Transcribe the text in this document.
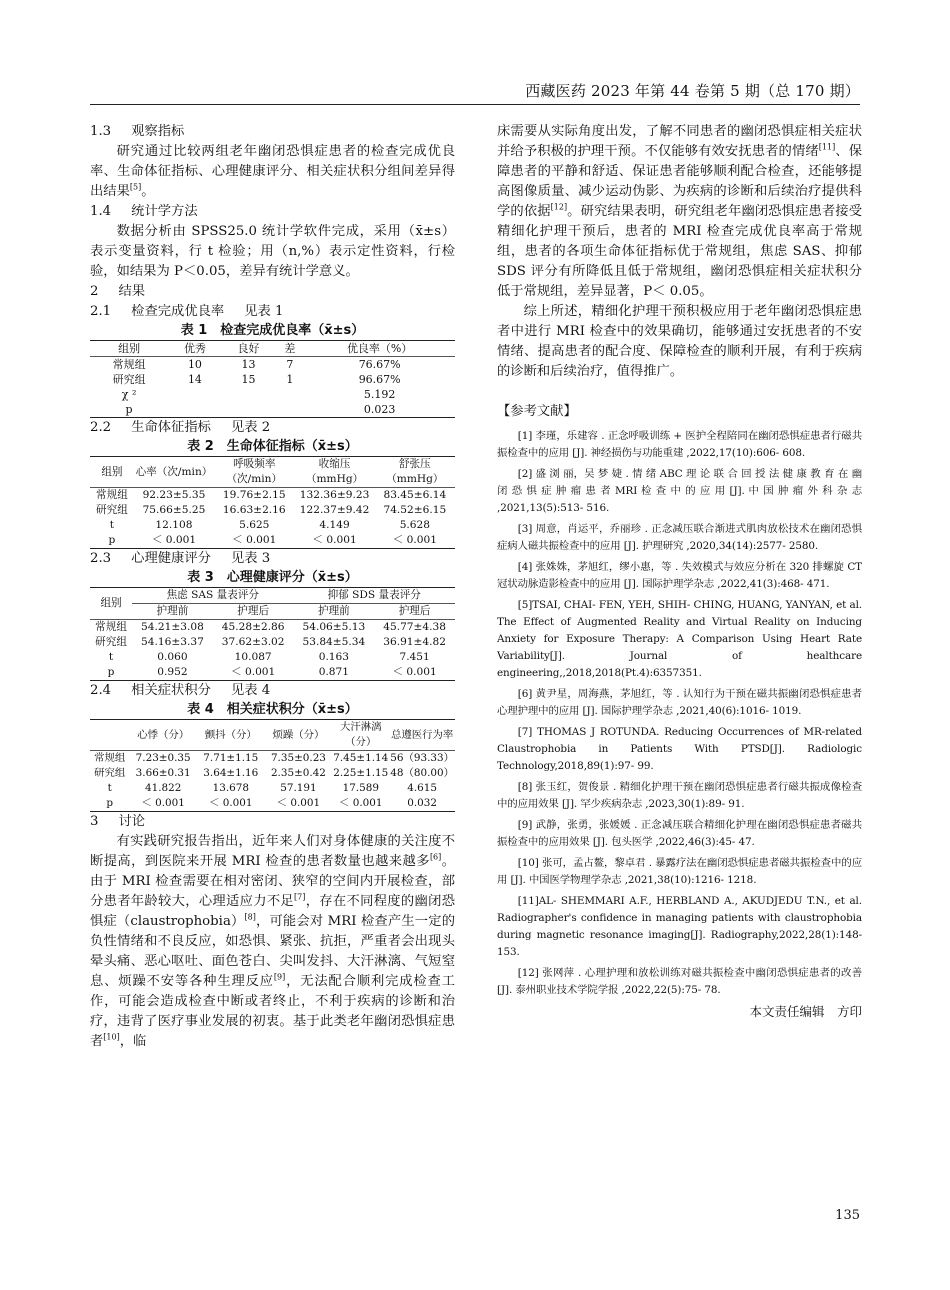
西藏医药 2023 年第 44 卷第 5 期（总 170 期）
1.3 观察指标

研究通过比较两组老年幽闭恐惧症患者的检查完成优良率、生命体征指标、心理健康评分、相关症状积分组间差异得出结果[5]。

1.4 统计学方法

数据分析由 SPSS25.0 统计学软件完成，采用（x̄±s）表示变量资料，行 t 检验；用（n,%）表示定性资料，行检验，如结果为 P＜0.05，差异有统计学意义。

2 结果
2.1 检查完成优良率 见表 1
表 1　检查完成优良率（x̄±s）
组别	优秀	良好	差	优良率（%）
常规组	10	13	7	76.67%
研究组	14	15	1	96.67%
χ ²				5.192
p				0.023
2.2 生命体征指标 见表 2
表 2　生命体征指标（x̄±s）
组别	心率（次/min）	呼吸频率（次/min）	收缩压（mmHg）	舒张压（mmHg）
常规组	92.23±5.35	19.76±2.15	132.36±9.23	83.45±6.14
研究组	75.66±5.25	16.63±2.16	122.37±9.42	74.52±6.15
t	12.108	5.625	4.149	5.628
p	＜ 0.001	＜ 0.001	＜ 0.001	＜ 0.001
2.3 心理健康评分 见表 3
表 3　心理健康评分（x̄±s）
组别	焦虑 SAS 量表评分		抑郁 SDS 量表评分	
	护理前	护理后	护理前	护理后
常规组	54.21±3.08	45.28±2.86	54.06±5.13	45.77±4.38
研究组	54.16±3.37	37.62±3.02	53.84±5.34	36.91±4.82
t	0.060	10.087	0.163	7.451
p	0.952	＜ 0.001	0.871	＜ 0.001
2.4 相关症状积分 见表 4
表 4　相关症状积分（x̄±s）
	心悸（分）	颤抖（分）	烦躁（分）	大汗淋漓（分）	总遵医行为率
常规组	7.23±0.35	7.71±1.15	7.35±0.23	7.45±1.14	56（93.33）
研究组	3.66±0.31	3.64±1.16	2.35±0.42	2.25±1.15	48（80.00）
t	41.822	13.678	57.191	17.589	4.615
p	＜ 0.001	＜ 0.001	＜ 0.001	＜ 0.001	0.032
3 讨论

有实践研究报告指出，近年来人们对身体健康的关注度不断提高，到医院来开展 MRI 检查的患者数量也越来越多[6]。由于 MRI 检查需要在相对密闭、狭窄的空间内开展检查，部分患者年龄较大，心理适应力不足[7]，存在不同程度的幽闭恐惧症（claustrophobia）[8]，可能会对 MRI 检查产生一定的负性情绪和不良反应，如恐惧、紧张、抗拒，严重者会出现头晕头痛、恶心呕吐、面色苍白、尖叫发抖、大汗淋漓、气短窒息、烦躁不安等各种生理反应[9]，无法配合顺利完成检查工作，可能会造成检查中断或者终止，不利于疾病的诊断和治疗，违背了医疗事业发展的初衷。基于此类老年幽闭恐惧症患者[10]，临

床需要从实际角度出发，了解不同患者的幽闭恐惧症相关症状并给予积极的护理干预。不仅能够有效安抚患者的情绪[11]、保障患者的平静和舒适、保证患者能够顺利配合检查，还能够提高图像质量、减少运动伪影、为疾病的诊断和后续治疗提供科学的依据[12]。研究结果表明，研究组老年幽闭恐惧症患者接受精细化护理干预后，患者的 MRI 检查完成优良率高于常规组，患者的各项生命体征指标优于常规组，焦虑 SAS、抑郁 SDS 评分有所降低且低于常规组，幽闭恐惧症相关症状积分低于常规组，差异显著，P＜ 0.05。

综上所述，精细化护理干预积极应用于老年幽闭恐惧症患者中进行 MRI 检查中的效果确切，能够通过安抚患者的不安情绪、提高患者的配合度、保障检查的顺利开展，有利于疾病的诊断和后续治疗，值得推广。

【参考文献】
[1] 李瑾，乐建容 . 正念呼吸训练 + 医护全程陪同在幽闭恐惧症患者行磁共振检查中的应用 [J]. 神经损伤与功能重建 ,2022,17(10):606- 608.
[2] 盛 浏 丽，吴 梦 婕 . 情 绪 ABC 理 论 联 合 回 授 法 健 康 教 育 在 幽 闭 恐 惧 症 肿 瘤 患 者 MRI 检 查 中 的 应 用 [J]. 中 国 肿 瘤 外 科 杂 志 ,2021,13(5):513- 516.
[3] 周意，肖运平，乔丽珍 . 正念减压联合渐进式肌肉放松技术在幽闭恐惧症病人磁共振检查中的应用 [J]. 护理研究 ,2020,34(14):2577- 2580.
[4] 张姝姝，茅旭红，缪小惠，等 . 失效模式与效应分析在 320 排螺旋 CT 冠状动脉造影检查中的应用 [J]. 国际护理学杂志 ,2022,41(3):468- 471.
[5]TSAI, CHAI- FEN, YEH, SHIH- CHING, HUANG, YANYAN, et al. The Effect of Augmented Reality and Virtual Reality on Inducing Anxiety for Exposure Therapy: A Comparison Using Heart Rate Variability[J]. Journal of healthcare engineering,,2018,2018(Pt.4):6357351.
[6] 黄尹星，周海燕，茅旭红，等 . 认知行为干预在磁共振幽闭恐惧症患者心理护理中的应用 [J]. 国际护理学杂志 ,2021,40(6):1016- 1019.
[7] THOMAS J ROTUNDA. Reducing Occurrences of MR-related Claustrophobia in Patients With PTSD[J]. Radiologic Technology,2018,89(1):97- 99.
[8] 张玉红，贺俊景 . 精细化护理干预在幽闭恐惧症患者行磁共振成像检查中的应用效果 [J]. 罕少疾病杂志 ,2023,30(1):89- 91.
[9] 武静，张勇，张媛媛 . 正念减压联合精细化护理在幽闭恐惧症患者磁共振检查中的应用效果 [J]. 包头医学 ,2022,46(3):45- 47.
[10] 张可，孟占鳌，黎卓君 . 暴露疗法在幽闭恐惧症患者磁共振检查中的应用 [J]. 中国医学物理学杂志 ,2021,38(10):1216- 1218.
[11]AL- SHEMMARI A.F., HERBLAND A., AKUDJEDU T.N., et al. Radiographer's confidence in managing patients with claustrophobia during magnetic resonance imaging[J]. Radiography,2022,28(1):148- 153.
[12] 张网萍 . 心理护理和放松训练对磁共振检查中幽闭恐惧症患者的改善 [J]. 泰州职业技术学院学报 ,2022,22(5):75- 78.
本文责任编辑　方印
135
